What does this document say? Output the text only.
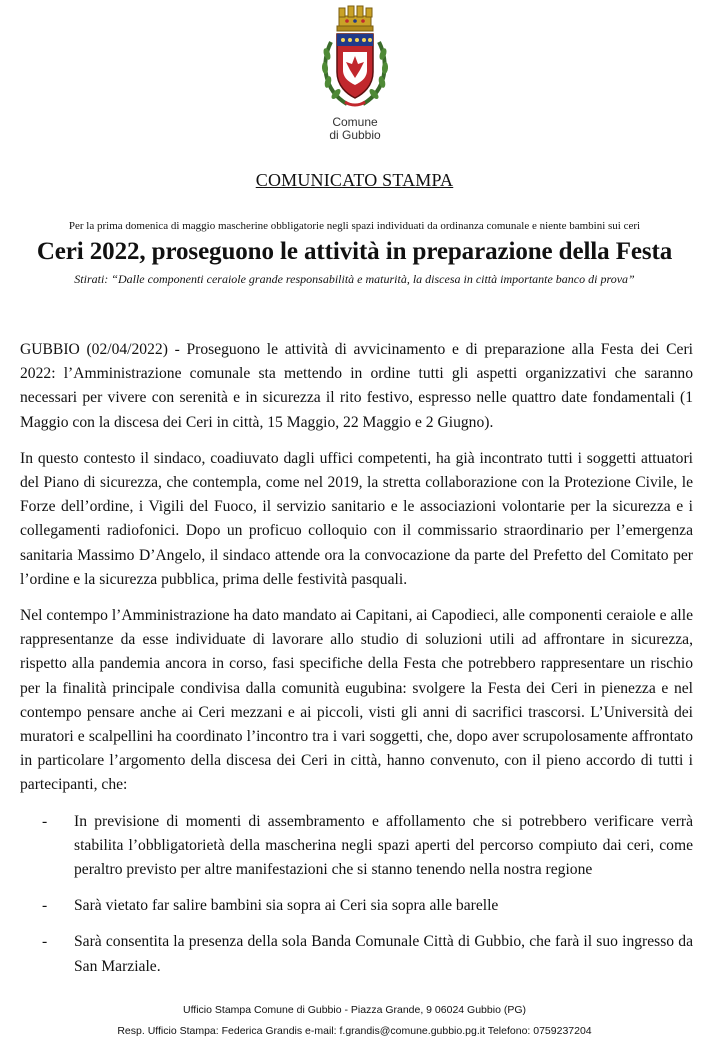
Comune
di Gubbio
COMUNICATO STAMPA
Per la prima domenica di maggio mascherine obbligatorie negli spazi individuati da ordinanza comunale e niente bambini sui ceri
Ceri 2022, proseguono le attività in preparazione della Festa
Stirati: “Dalle componenti ceraiole grande responsabilità e maturità, la discesa in città importante banco di prova”

GUBBIO (02/04/2022) - Proseguono le attività di avvicinamento e di preparazione alla Festa dei Ceri 2022: l’Amministrazione comunale sta mettendo in ordine tutti gli aspetti organizzativi che saranno necessari per vivere con serenità e in sicurezza il rito festivo, espresso nelle quattro date fondamentali (1 Maggio con la discesa dei Ceri in città, 15 Maggio, 22 Maggio e 2 Giugno).

In questo contesto il sindaco, coadiuvato dagli uffici competenti, ha già incontrato tutti i soggetti attuatori del Piano di sicurezza, che contempla, come nel 2019, la stretta collaborazione con la Protezione Civile, le Forze dell’ordine, i Vigili del Fuoco, il servizio sanitario e le associazioni volontarie per la sicurezza e i collegamenti radiofonici. Dopo un proficuo colloquio con il commissario straordinario per l’emergenza sanitaria Massimo D’Angelo, il sindaco attende ora la convocazione da parte del Prefetto del Comitato per l’ordine e la sicurezza pubblica, prima delle festività pasquali.

Nel contempo l’Amministrazione ha dato mandato ai Capitani, ai Capodieci, alle componenti ceraiole e alle rappresentanze da esse individuate di lavorare allo studio di soluzioni utili ad affrontare in sicurezza, rispetto alla pandemia ancora in corso, fasi specifiche della Festa che potrebbero rappresentare un rischio per la finalità principale condivisa dalla comunità eugubina: svolgere la Festa dei Ceri in pienezza e nel contempo pensare anche ai Ceri mezzani e ai piccoli, visti gli anni di sacrifici trascorsi. L’Università dei muratori e scalpellini ha coordinato l’incontro tra i vari soggetti, che, dopo aver scrupolosamente affrontato in particolare l’argomento della discesa dei Ceri in città, hanno convenuto, con il pieno accordo di tutti i partecipanti, che:

- In previsione di momenti di assembramento e affollamento che si potrebbero verificare verrà stabilita l’obbligatorietà della mascherina negli spazi aperti del percorso compiuto dai ceri, come peraltro previsto per altre manifestazioni che si stanno tenendo nella nostra regione
- Sarà vietato far salire bambini sia sopra ai Ceri sia sopra alle barelle
- Sarà consentita la presenza della sola Banda Comunale Città di Gubbio, che farà il suo ingresso da San Marziale.
Ufficio Stampa Comune di Gubbio - Piazza Grande, 9 06024 Gubbio (PG)
Resp. Ufficio Stampa: Federica Grandis e-mail: f.grandis@comune.gubbio.pg.it Telefono: 0759237204
